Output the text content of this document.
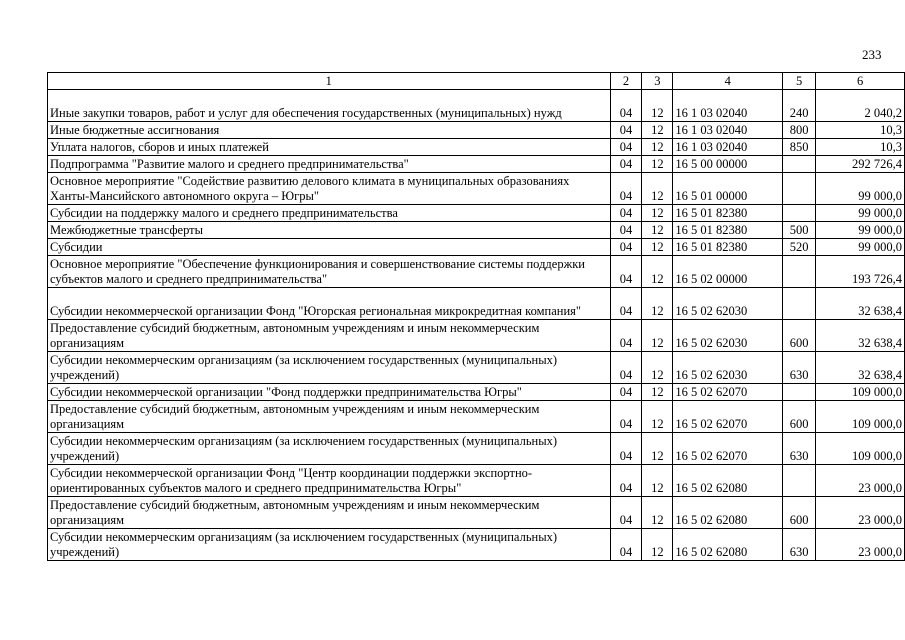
233
1	2	3	4	5	6
Иные закупки товаров, работ и услуг для обеспечения государственных (муниципальных) нужд	04	12	16 1 03 02040	240	2 040,2
Иные бюджетные ассигнования	04	12	16 1 03 02040	800	10,3
Уплата налогов, сборов и иных платежей	04	12	16 1 03 02040	850	10,3
Подпрограмма "Развитие малого и среднего предпринимательства"	04	12	16 5 00 00000		292 726,4
Основное мероприятие "Содействие развитию делового климата в муниципальных образованиях Ханты-Мансийского автономного округа – Югры"	04	12	16 5 01 00000		99 000,0
Субсидии на поддержку малого и среднего предпринимательства	04	12	16 5 01 82380		99 000,0
Межбюджетные трансферты	04	12	16 5 01 82380	500	99 000,0
Субсидии	04	12	16 5 01 82380	520	99 000,0
Основное мероприятие "Обеспечение функционирования и совершенствование системы поддержки субъектов малого и среднего предпринимательства"	04	12	16 5 02 00000		193 726,4
Субсидии некоммерческой организации Фонд "Югорская региональная микрокредитная компания"	04	12	16 5 02 62030		32 638,4
Предоставление субсидий бюджетным, автономным учреждениям и иным некоммерческим организациям	04	12	16 5 02 62030	600	32 638,4
Субсидии некоммерческим организациям (за исключением государственных (муниципальных) учреждений)	04	12	16 5 02 62030	630	32 638,4
Субсидии некоммерческой организации "Фонд поддержки предпринимательства Югры"	04	12	16 5 02 62070		109 000,0
Предоставление субсидий бюджетным, автономным учреждениям и иным некоммерческим организациям	04	12	16 5 02 62070	600	109 000,0
Субсидии некоммерческим организациям (за исключением государственных (муниципальных) учреждений)	04	12	16 5 02 62070	630	109 000,0
Субсидии некоммерческой организации Фонд "Центр координации поддержки экспортно-ориентированных субъектов малого и среднего предпринимательства Югры"	04	12	16 5 02 62080		23 000,0
Предоставление субсидий бюджетным, автономным учреждениям и иным некоммерческим организациям	04	12	16 5 02 62080	600	23 000,0
Субсидии некоммерческим организациям (за исключением государственных (муниципальных) учреждений)	04	12	16 5 02 62080	630	23 000,0
